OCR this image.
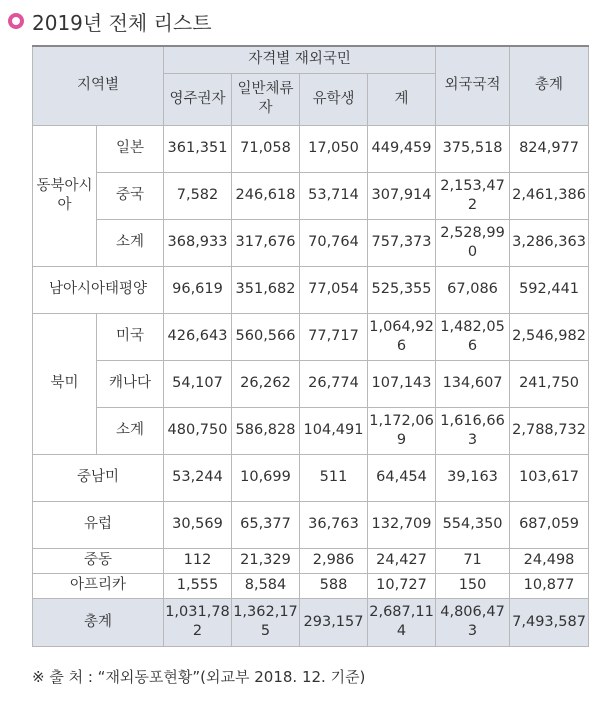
2019년 전체 리스트
지역별		자격별 재외국민				외국국적	총계
		영주권자	일반체류자	유학생	계		
동북아시아	일본	361,351	71,058	17,050	449,459	375,518	824,977
	중국	7,582	246,618	53,714	307,914	2,153,472	2,461,386
	소계	368,933	317,676	70,764	757,373	2,528,990	3,286,363
남아시아태평양		96,619	351,682	77,054	525,355	67,086	592,441
북미	미국	426,643	560,566	77,717	1,064,926	1,482,056	2,546,982
	캐나다	54,107	26,262	26,774	107,143	134,607	241,750
	소계	480,750	586,828	104,491	1,172,069	1,616,663	2,788,732
중남미		53,244	10,699	511	64,454	39,163	103,617
유럽		30,569	65,377	36,763	132,709	554,350	687,059
중동		112	21,329	2,986	24,427	71	24,498
아프리카		1,555	8,584	588	10,727	150	10,877
총계		1,031,782	1,362,175	293,157	2,687,114	4,806,473	7,493,587
※ 출 처 : “재외동포현황”(외교부 2018. 12. 기준)
